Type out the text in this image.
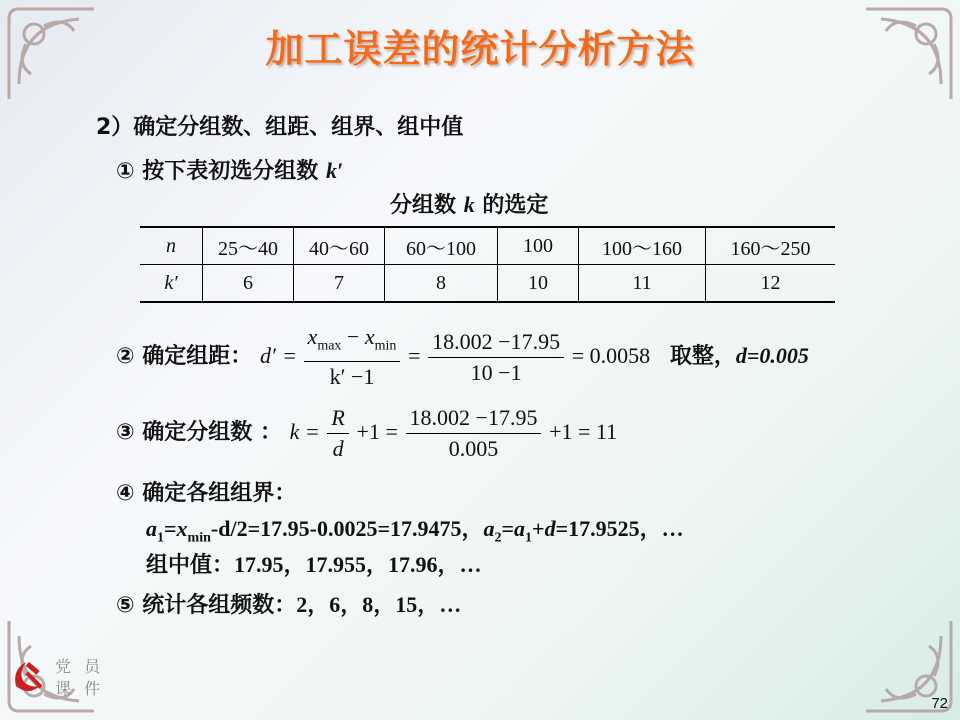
加工误差的统计分析方法
2）确定分组数、组距、组界、组中值
① 按下表初选分组数 k′
分组数 k 的选定
n	25～40	40～60	60～100	100	100～160	160～250
k′	6	7	8	10	11	12
② 确定组距： $d' = \frac{x_{max} - x_{min}}{k' -1} = \frac{18.002 -17.95}{10 -1} = 0.0058$ 取整，d=0.005
③ 确定分组数 ： $k = \frac{R}{d} +1 = \frac{18.002 -17.95}{0.005} +1 = 11$
④ 确定各组组界：
$a_1=x_{min}-d/2=17.95-0.0025=17.9475$，$a_2=a_1+d=17.9525$，…
组中值：17.95，17.955，17.96，…
⑤ 统计各组频数：2，6，8，15，…
党 员
课 件
72
